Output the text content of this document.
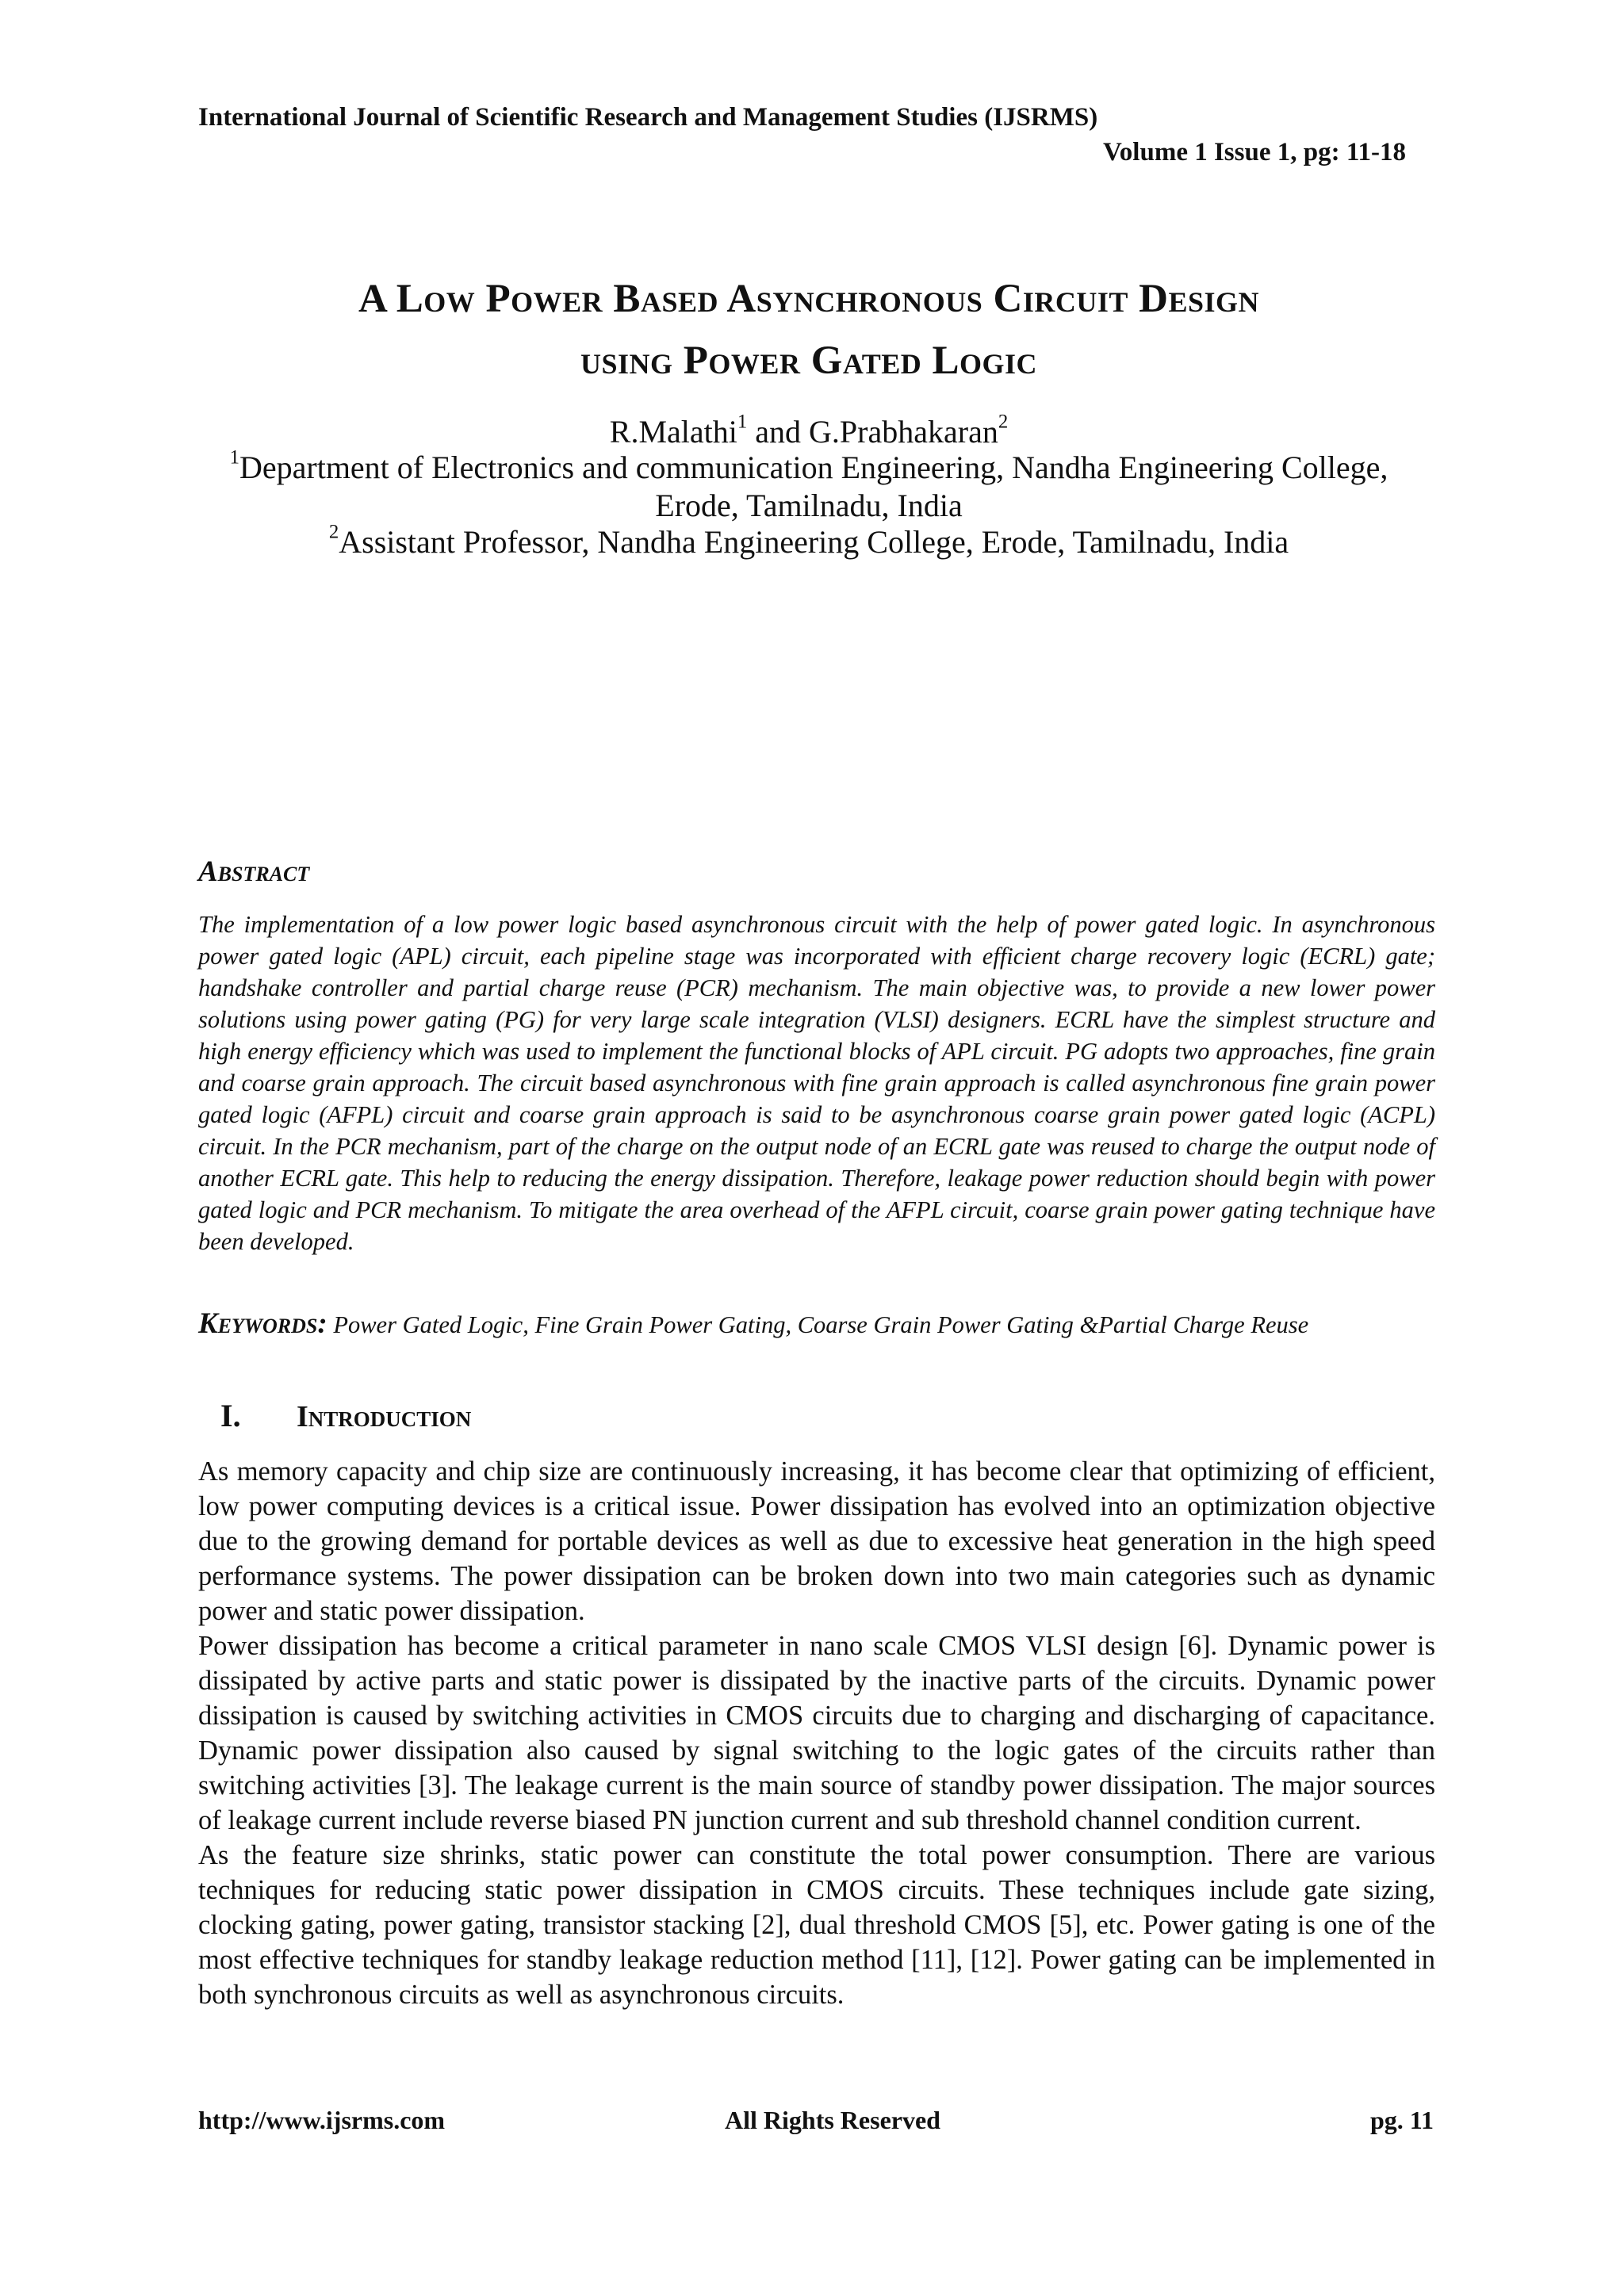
International Journal of Scientific Research and Management Studies (IJSRMS)
Volume 1 Issue 1, pg: 11-18
A Low Power Based Asynchronous Circuit Design
using Power Gated Logic
R.Malathi$^1$ and G.Prabhakaran$^2$
$^1$Department of Electronics and communication Engineering, Nandha Engineering College, Erode, Tamilnadu, India
$^2$Assistant Professor, Nandha Engineering College, Erode, Tamilnadu, India
Abstract
The implementation of a low power logic based asynchronous circuit with the help of power gated logic. In asynchronous power gated logic (APL) circuit, each pipeline stage was incorporated with efficient charge recovery logic (ECRL) gate; handshake controller and partial charge reuse (PCR) mechanism. The main objective was, to provide a new lower power solutions using power gating (PG) for very large scale integration (VLSI) designers. ECRL have the simplest structure and high energy efficiency which was used to implement the functional blocks of APL circuit. PG adopts two approaches, fine grain and coarse grain approach. The circuit based asynchronous with fine grain approach is called asynchronous fine grain power gated logic (AFPL) circuit and coarse grain approach is said to be asynchronous coarse grain power gated logic (ACPL) circuit. In the PCR mechanism, part of the charge on the output node of an ECRL gate was reused to charge the output node of another ECRL gate. This help to reducing the energy dissipation. Therefore, leakage power reduction should begin with power gated logic and PCR mechanism. To mitigate the area overhead of the AFPL circuit, coarse grain power gating technique have been developed.
Keywords: Power Gated Logic, Fine Grain Power Gating, Coarse Grain Power Gating &Partial Charge Reuse
I. Introduction

As memory capacity and chip size are continuously increasing, it has become clear that optimizing of efficient, low power computing devices is a critical issue. Power dissipation has evolved into an optimization objective due to the growing demand for portable devices as well as due to excessive heat generation in the high speed performance systems. The power dissipation can be broken down into two main categories such as dynamic power and static power dissipation.

Power dissipation has become a critical parameter in nano scale CMOS VLSI design [6]. Dynamic power is dissipated by active parts and static power is dissipated by the inactive parts of the circuits. Dynamic power dissipation is caused by switching activities in CMOS circuits due to charging and discharging of capacitance. Dynamic power dissipation also caused by signal switching to the logic gates of the circuits rather than switching activities [3]. The leakage current is the main source of standby power dissipation. The major sources of leakage current include reverse biased PN junction current and sub threshold channel condition current.

As the feature size shrinks, static power can constitute the total power consumption. There are various techniques for reducing static power dissipation in CMOS circuits. These techniques include gate sizing, clocking gating, power gating, transistor stacking [2], dual threshold CMOS [5], etc. Power gating is one of the most effective techniques for standby leakage reduction method [11], [12]. Power gating can be implemented in both synchronous circuits as well as asynchronous circuits.

http://www.ijsrms.com	All Rights Reserved	pg. 11
